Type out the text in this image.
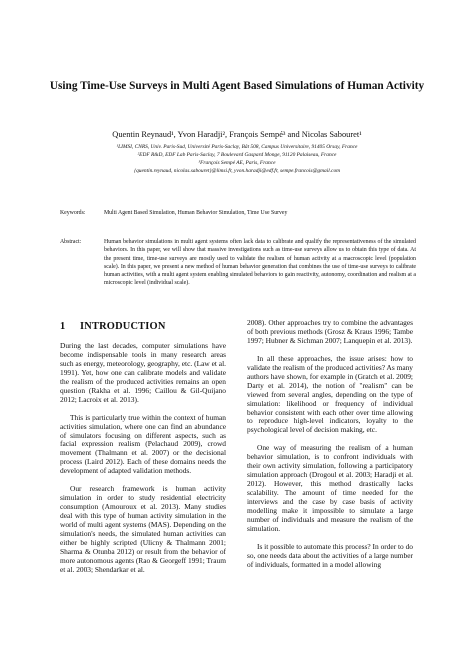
Using Time-Use Surveys in Multi Agent Based Simulations of Human Activity
Quentin Reynaud¹, Yvon Haradji², François Sempé³ and Nicolas Sabouret¹
¹LIMSI, CNRS, Univ. Paris-Sud, Université Paris-Saclay, Bât 508, Campus Universitaire, 91405 Orsay, France
²EDF R&D, EDF Lab Paris-Saclay, 7 Boulevard Gaspard Monge, 91120 Palaiseau, France
³François Sempé AE, Paris, France
{quentin.reynaud, nicolas.sabouret}@limsi.fr, yvon.haradji@edf.fr, sempe.francois@gmail.com
Keywords:	Multi Agent Based Simulation, Human Behavior Simulation, Time Use Survey
Abstract:	Human behavior simulations in multi agent systems often lack data to calibrate and qualify the representativeness of the simulated behaviors. In this paper, we will show that massive investigations such as time-use surveys allow us to obtain this type of data. At the present time, time-use surveys are mostly used to validate the realism of human activity at a macroscopic level (population scale). In this paper, we present a new method of human behavior generation that combines the use of time-use surveys to calibrate human activities, with a multi agent system enabling simulated behaviors to gain reactivity, autonomy, coordination and realism at a microscopic level (individual scale).
1 INTRODUCTION

During the last decades, computer simulations have become indispensable tools in many research areas such as energy, meteorology, geography, etc. (Law et al. 1991). Yet, how one can calibrate models and validate the realism of the produced activities remains an open question (Rakha et al. 1996; Caillou & Gil-Quijano 2012; Lacroix et al. 2013).

This is particularly true within the context of human activities simulation, where one can find an abundance of simulators focusing on different aspects, such as facial expression realism (Pelachaud 2009), crowd movement (Thalmann et al. 2007) or the decisional process (Laird 2012). Each of these domains needs the development of adapted validation methods.

Our research framework is human activity simulation in order to study residential electricity consumption (Amouroux et al. 2013). Many studies deal with this type of human activity simulation in the world of multi agent systems (MAS). Depending on the simulation's needs, the simulated human activities can either be highly scripted (Ulicny & Thalmann 2001; Sharma & Otunba 2012) or result from the behavior of more autonomous agents (Rao & Georgeff 1991; Traum et al. 2003; Shendarkar et al.

2008). Other approaches try to combine the advantages of both previous methods (Grosz & Kraus 1996; Tambe 1997; Hubner & Sichman 2007; Lanquepin et al. 2013).

In all these approaches, the issue arises: how to validate the realism of the produced activities? As many authors have shown, for example in (Gratch et al. 2009; Darty et al. 2014), the notion of "realism" can be viewed from several angles, depending on the type of simulation: likelihood or frequency of individual behavior consistent with each other over time allowing to reproduce high-level indicators, loyalty to the psychological level of decision making, etc.

One way of measuring the realism of a human behavior simulation, is to confront individuals with their own activity simulation, following a participatory simulation approach (Drogoul et al. 2003; Haradji et al. 2012). However, this method drastically lacks scalability. The amount of time needed for the interviews and the case by case basis of activity modelling make it impossible to simulate a large number of individuals and measure the realism of the simulation.

Is it possible to automate this process? In order to do so, one needs data about the activities of a large number of individuals, formatted in a model allowing
